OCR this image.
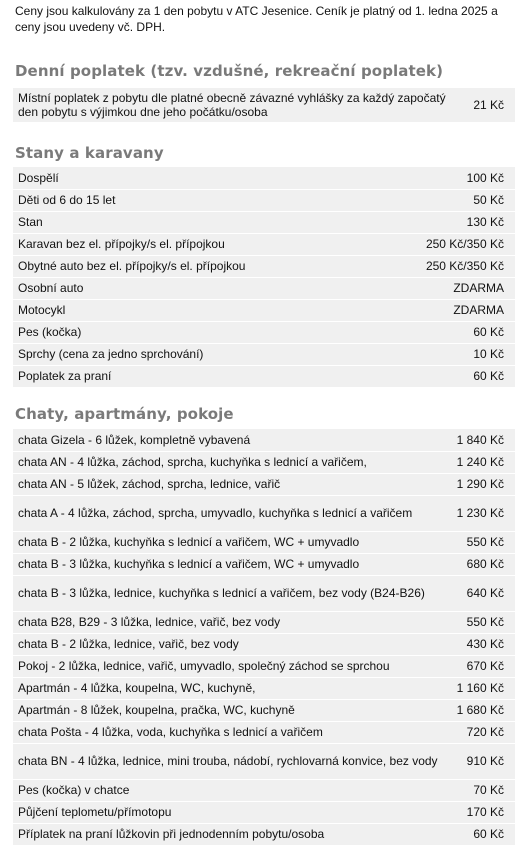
Ceny jsou kalkulovány za 1 den pobytu v ATC Jesenice. Ceník je platný od 1. ledna 2025 a ceny jsou uvedeny vč. DPH.

Denní poplatek (tzv. vzdušné, rekreační poplatek)
Místní poplatek z pobytu dle platné obecně závazné vyhlášky za každý započatý den pobytu s výjimkou dne jeho počátku/osoba	21 Kč
Stany a karavany
Dospělí	100 Kč
Děti od 6 do 15 let	50 Kč
Stan	130 Kč
Karavan bez el. přípojky/s el. přípojkou	250 Kč/350 Kč
Obytné auto bez el. přípojky/s el. přípojkou	250 Kč/350 Kč
Osobní auto	ZDARMA
Motocykl	ZDARMA
Pes (kočka)	60 Kč
Sprchy (cena za jedno sprchování)	10 Kč
Poplatek za praní	60 Kč
Chaty, apartmány, pokoje
chata Gizela - 6 lůžek, kompletně vybavená	1 840 Kč
chata AN - 4 lůžka, záchod, sprcha, kuchyňka s lednicí a vařičem,	1 240 Kč
chata AN - 5 lůžek, záchod, sprcha, lednice, vařič	1 290 Kč
chata A - 4 lůžka, záchod, sprcha, umyvadlo, kuchyňka s lednicí a vařičem	1 230 Kč
chata B - 2 lůžka, kuchyňka s lednicí a vařičem, WC + umyvadlo	550 Kč
chata B - 3 lůžka, kuchyňka s lednicí a vařičem, WC + umyvadlo	680 Kč
chata B - 3 lůžka, lednice, kuchyňka s lednicí a vařičem, bez vody (B24-B26)	640 Kč
chata B28, B29 - 3 lůžka, lednice, vařič, bez vody	550 Kč
chata B - 2 lůžka, lednice, vařič, bez vody	430 Kč
Pokoj - 2 lůžka, lednice, vařič, umyvadlo, společný záchod se sprchou	670 Kč
Apartmán - 4 lůžka, koupelna, WC, kuchyně,	1 160 Kč
Apartmán - 8 lůžek, koupelna, pračka, WC, kuchyně	1 680 Kč
chata Pošta - 4 lůžka, voda, kuchyňka s lednicí a vařičem	720 Kč
chata BN - 4 lůžka, lednice, mini trouba, nádobí, rychlovarná konvice, bez vody	910 Kč
Pes (kočka) v chatce	70 Kč
Půjčení teplometu/přímotopu	170 Kč
Příplatek na praní lůžkovin při jednodenním pobytu/osoba	60 Kč
